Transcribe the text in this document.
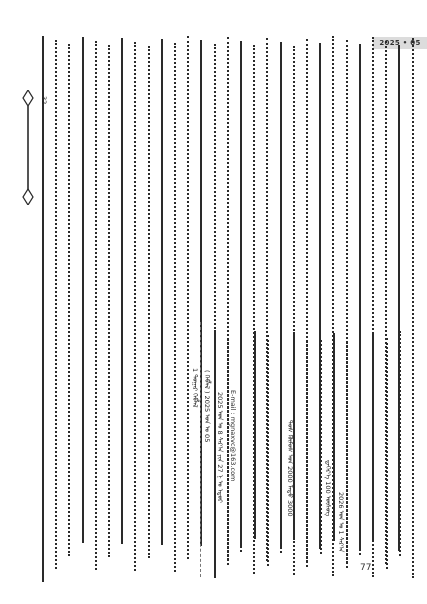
2025 • 05
32
2025 ᠣᠨ ᠤ 8 ᠰᠠᠷ᠎ᠠ ᠶᠢᠨ 27 ᠨ ᠤ ᠡᠳᠦᠷ E-mail : mgnaxvc@163.com	ᠲᠤᠰ ᠬᠦᠮᠦᠰ ᠤᠨ 2000 ᠮᠠᠲᠤ 3000
2026 ᠣᠨ ᠤ 1 ᠰᠠᠷ᠎ᠠ
ᠳ᠋ᠡᠭᠡᠷ᠎ᠡ 100 ᠦᠰᠦᠭ
1 ᠳᠤᠭᠠᠷ ᠬᠡᠪᠯᠡᠯ ( ᠬᠡᠪᠯᠡᠯ ) 2025 ᠣᠨ ᠤ 05
77
